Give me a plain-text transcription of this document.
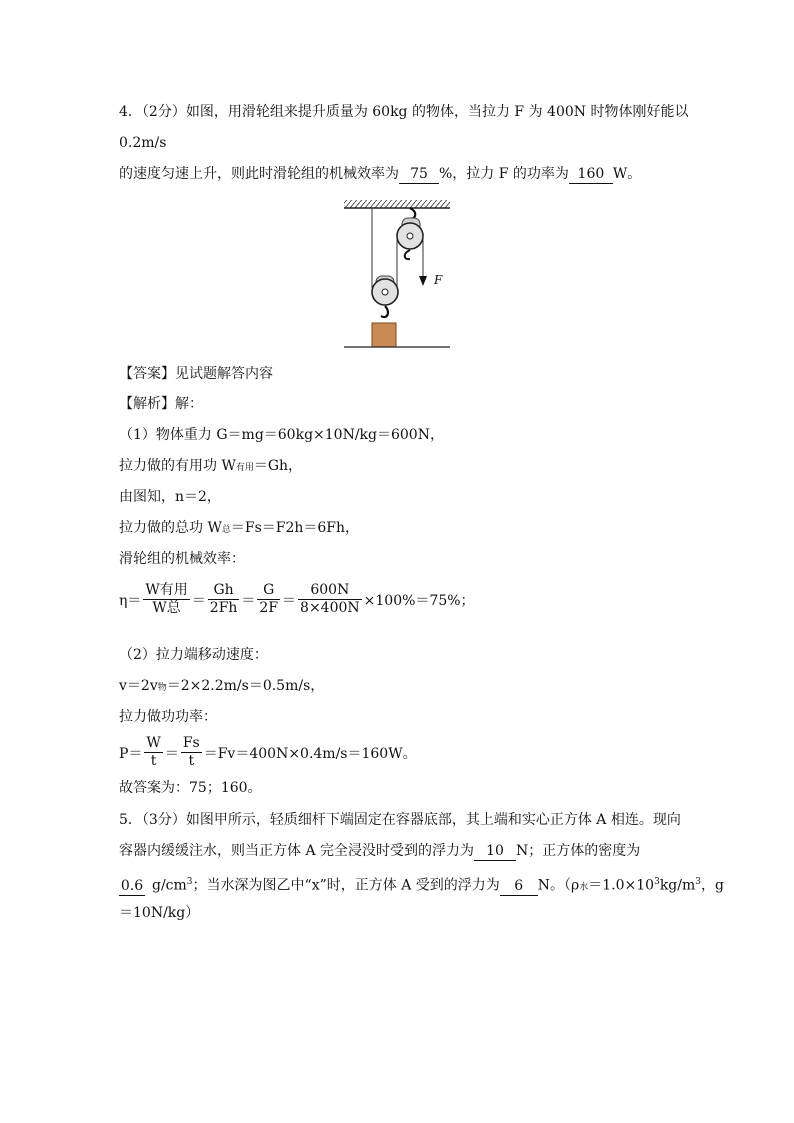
4．（2分）如图，用滑轮组来提升质量为 60kg 的物体，当拉力 F 为 400N 时物体刚好能以
0.2m/s
的速度匀速上升，则此时滑轮组的机械效率为 75 %，拉力 F 的功率为 160 W。
F
【答案】见试题解答内容
【解析】解：
（1）物体重力 G＝mg＝60kg×10N/kg＝600N，
拉力做的有用功 W有用＝Gh，
由图知，n＝2，
拉力做的总功 W总＝Fs＝F2h＝6Fh，
滑轮组的机械效率：
$\eta= \frac{\text{W有用}}{\text{W总}} = \frac{Gh}{2Fh} = \frac{G}{2F} = \frac{600N}{8\times 400N} \times 100\%=75\%$；
（2）拉力端移动速度：
v＝2v物＝2×2.2m/s＝0.5m/s，
拉力做功功率：
$P= \frac{W}{t} = \frac{Fs}{t} =Fv=400N\times 0.4m/s=160W$。
故答案为：75；160。
5．（3分）如图甲所示，轻质细杆下端固定在容器底部，其上端和实心正方体 A 相连。现向
容器内缓缓注水，则当正方体 A 完全浸没时受到的浮力为 10 N；正方体的密度为
0.6  $g/cm^3$；当水深为图乙中“x”时，正方体 A 受到的浮力为 6 N。（ρ水$=1.0\times 10^3kg/m^3$，g
＝10N/kg）
